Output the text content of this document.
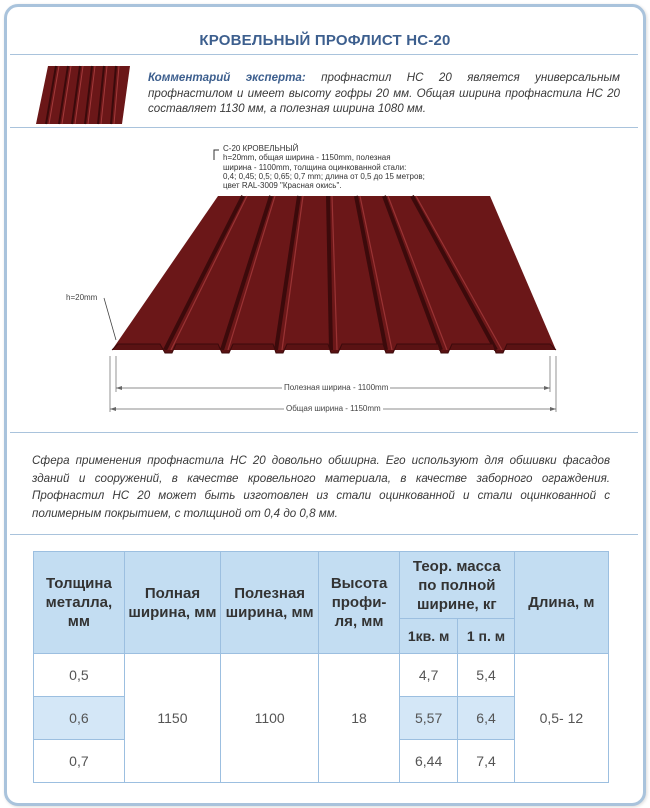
КРОВЕЛЬНЫЙ ПРОФЛИСТ НС-20
Комментарий эксперта: профнастил НС 20 является универсальным профнастилом и имеет высоту гофры 20 мм. Общая ширина профнастила НС 20 составляет 1130 мм, а полезная ширина 1080 мм.
С-20 КРОВЕЛЬНЫЙ
h=20mm, общая ширина - 1150mm, полезная
ширина - 1100mm, толщина оцинкованной стали:
0,4; 0,45; 0,5; 0,65; 0,7 mm; длина от 0,5 до 15 метров;
цвет RAL-3009 "Красная окись".
h=20mm
Полезная ширина - 1100mm
Общая ширина - 1150mm
Сфера применения профнастила НС 20 довольно обширна. Его используют для обшивки фасадов зданий и сооружений, в качестве кровельного материала, в качестве заборного ограждения. Профнастил НС 20 может быть изготовлен из стали оцинкованной и стали оцинкованной с полимерным покрытием, с толщиной от 0,4 до 0,8 мм.
Толщина металла, мм	Полная ширина, мм	Полезная ширина, мм	Высота профи-ля, мм	Теор. масса по полной ширине, кг		Длина, м
				1кв. м	1 п. м	
0,5	1150	1100	18	4,7	5,4	0,5- 12
0,6				5,57	6,4	
0,7				6,44	7,4	
